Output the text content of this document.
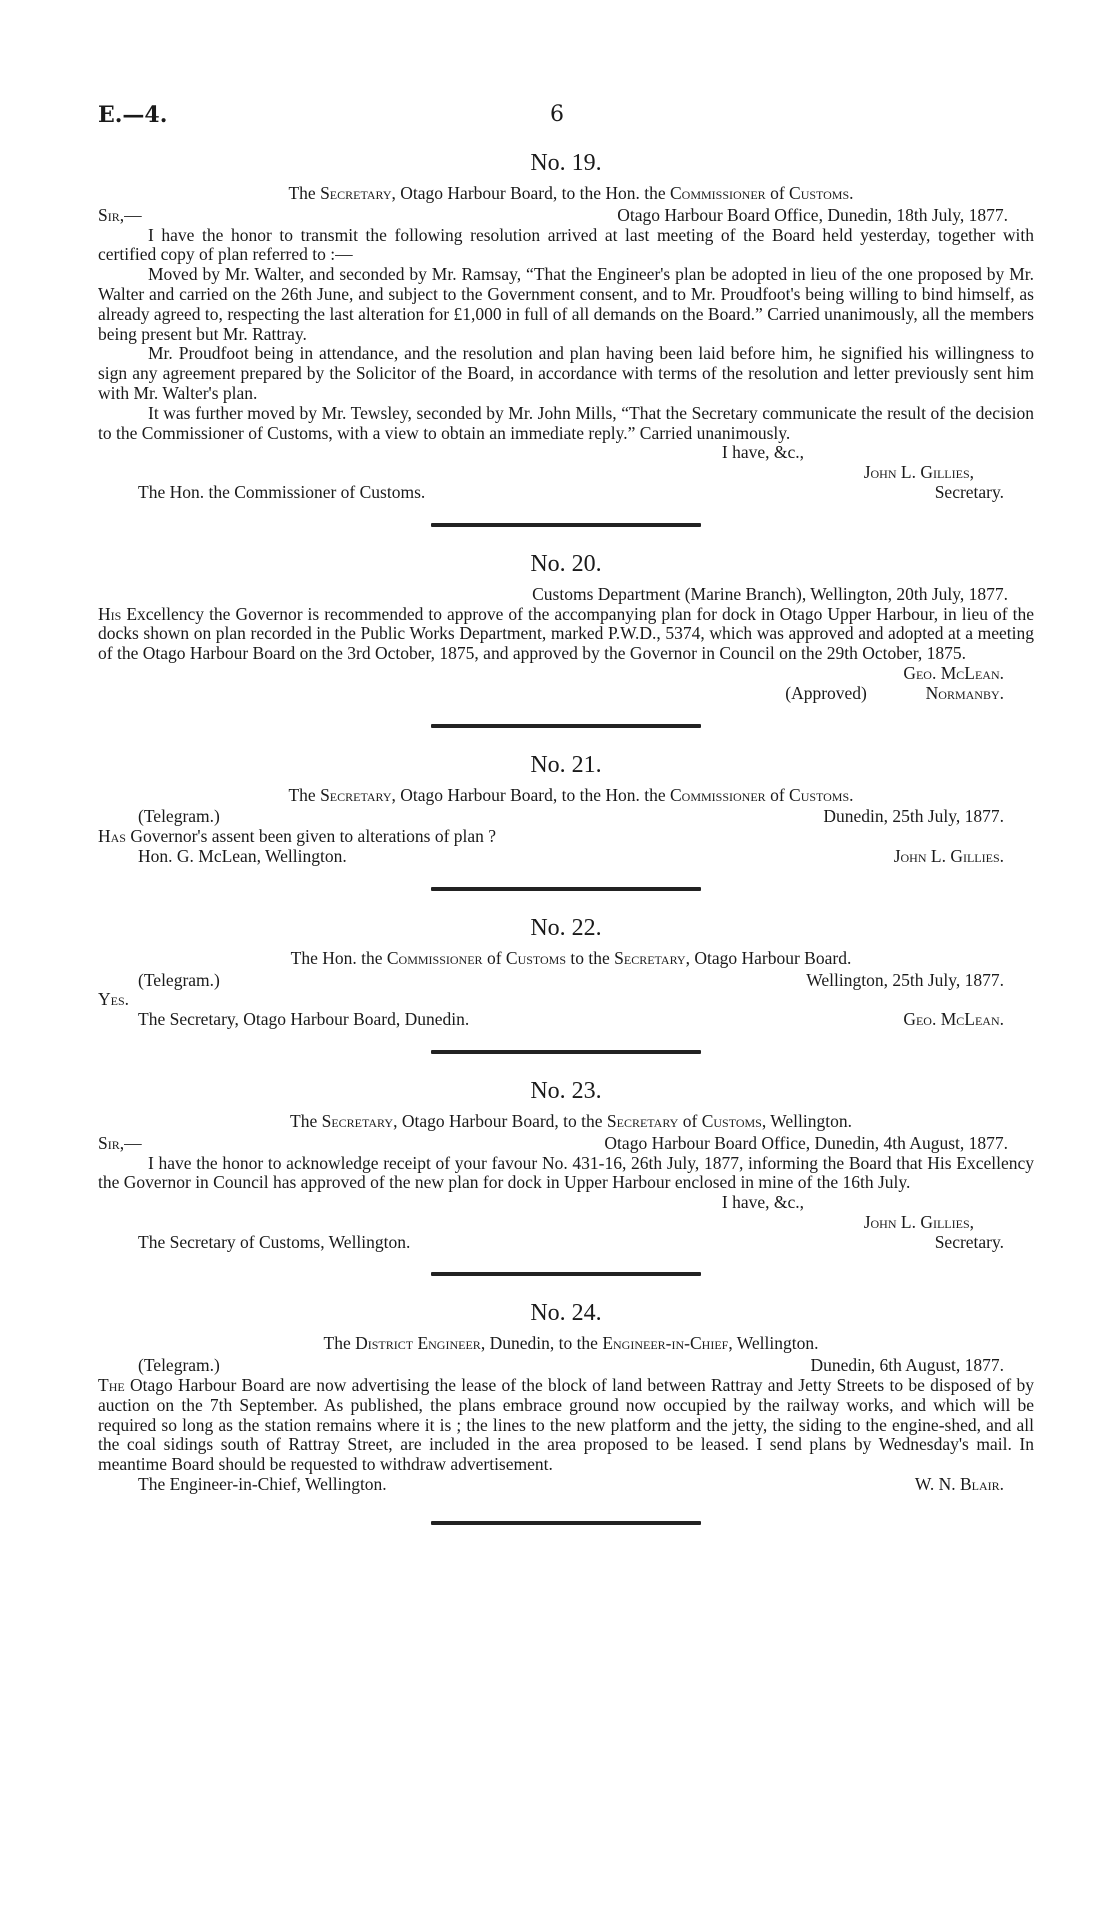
E.—4.	6
No. 19.
The Secretary, Otago Harbour Board, to the Hon. the Commissioner of Customs.
Sir,—	Otago Harbour Board Office, Dunedin, 18th July, 1877.

I have the honor to transmit the following resolution arrived at last meeting of the Board held yesterday, together with certified copy of plan referred to :—

Moved by Mr. Walter, and seconded by Mr. Ramsay, “That the Engineer's plan be adopted in lieu of the one proposed by Mr. Walter and carried on the 26th June, and subject to the Government consent, and to Mr. Proudfoot's being willing to bind himself, as already agreed to, respecting the last alteration for £1,000 in full of all demands on the Board.” Carried unanimously, all the members being present but Mr. Rattray.

Mr. Proudfoot being in attendance, and the resolution and plan having been laid before him, he signified his willingness to sign any agreement prepared by the Solicitor of the Board, in accordance with terms of the resolution and letter previously sent him with Mr. Walter's plan.

It was further moved by Mr. Tewsley, seconded by Mr. John Mills, “That the Secretary communicate the result of the decision to the Commissioner of Customs, with a view to obtain an immediate reply.” Carried unanimously.

I have, &c.,
John L. Gillies,
The Hon. the Commissioner of Customs.	Secretary.
No. 20.
Customs Department (Marine Branch), Wellington, 20th July, 1877.

His Excellency the Governor is recommended to approve of the accompanying plan for dock in Otago Upper Harbour, in lieu of the docks shown on plan recorded in the Public Works Department, marked P.W.D., 5374, which was approved and adopted at a meeting of the Otago Harbour Board on the 3rd October, 1875, and approved by the Governor in Council on the 29th October, 1875.

Geo. McLean.
(Approved)	Normanby.
No. 21.
The Secretary, Otago Harbour Board, to the Hon. the Commissioner of Customs.
(Telegram.)	Dunedin, 25th July, 1877.

Has Governor's assent been given to alterations of plan ?

Hon. G. McLean, Wellington.	John L. Gillies.
No. 22.
The Hon. the Commissioner of Customs to the Secretary, Otago Harbour Board.
(Telegram.)	Wellington, 25th July, 1877.

Yes.

The Secretary, Otago Harbour Board, Dunedin.	Geo. McLean.
No. 23.
The Secretary, Otago Harbour Board, to the Secretary of Customs, Wellington.
Sir,—	Otago Harbour Board Office, Dunedin, 4th August, 1877.

I have the honor to acknowledge receipt of your favour No. 431-16, 26th July, 1877, informing the Board that His Excellency the Governor in Council has approved of the new plan for dock in Upper Harbour enclosed in mine of the 16th July.

I have, &c.,
John L. Gillies,
The Secretary of Customs, Wellington.	Secretary.
No. 24.
The District Engineer, Dunedin, to the Engineer-in-Chief, Wellington.
(Telegram.)	Dunedin, 6th August, 1877.

The Otago Harbour Board are now advertising the lease of the block of land between Rattray and Jetty Streets to be disposed of by auction on the 7th September. As published, the plans embrace ground now occupied by the railway works, and which will be required so long as the station remains where it is ; the lines to the new platform and the jetty, the siding to the engine-shed, and all the coal sidings south of Rattray Street, are included in the area proposed to be leased. I send plans by Wednesday's mail. In meantime Board should be requested to withdraw advertisement.

The Engineer-in-Chief, Wellington.	W. N. Blair.
